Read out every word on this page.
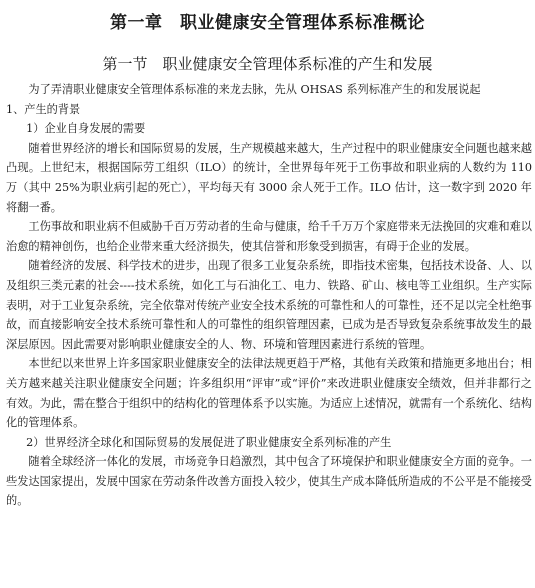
第一章　职业健康安全管理体系标准概论
第一节　职业健康安全管理体系标准的产生和发展

为了弄清职业健康安全管理体系标准的来龙去脉，先从 OHSAS 系列标准产生的和发展说起

1、产生的背景

1）企业自身发展的需要

随着世界经济的增长和国际贸易的发展，生产规模越来越大，生产过程中的职业健康安全问题也越来越凸现。上世纪末，根据国际劳工组织（ILO）的统计，全世界每年死于工伤事故和职业病的人数约为 110 万（其中 25%为职业病引起的死亡），平均每天有 3000 余人死于工作。ILO 估计，这一数字到 2020 年将翻一番。

工伤事故和职业病不但威胁千百万劳动者的生命与健康，给千千万万个家庭带来无法挽回的灾难和难以治愈的精神创伤，也给企业带来重大经济损失，使其信誉和形象受到损害，有碍于企业的发展。

随着经济的发展、科学技术的进步，出现了很多工业复杂系统，即指技术密集，包括技术设备、人、以及组织三类元素的社会----技术系统，如化工与石油化工、电力、铁路、矿山、核电等工业组织。生产实际表明，对于工业复杂系统，完全依靠对传统产业安全技术系统的可靠性和人的可靠性，还不足以完全杜绝事故，而直接影响安全技术系统可靠性和人的可靠性的组织管理因素，已成为是否导致复杂系统事故发生的最深层原因。因此需要对影响职业健康安全的人、物、环境和管理因素进行系统的管理。

本世纪以来世界上许多国家职业健康安全的法律法规更趋于严格，其他有关政策和措施更多地出台；相关方越来越关注职业健康安全问题；许多组织用“评审”或“评价”来改进职业健康安全绩效，但并非都行之有效。为此，需在整合于组织中的结构化的管理体系予以实施。为适应上述情况，就需有一个系统化、结构化的管理体系。

2）世界经济全球化和国际贸易的发展促进了职业健康安全系列标准的产生

随着全球经济一体化的发展，市场竞争日趋激烈，其中包含了环境保护和职业健康安全方面的竞争。一些发达国家提出，发展中国家在劳动条件改善方面投入较少，使其生产成本降低所造成的不公平是不能接受的。
